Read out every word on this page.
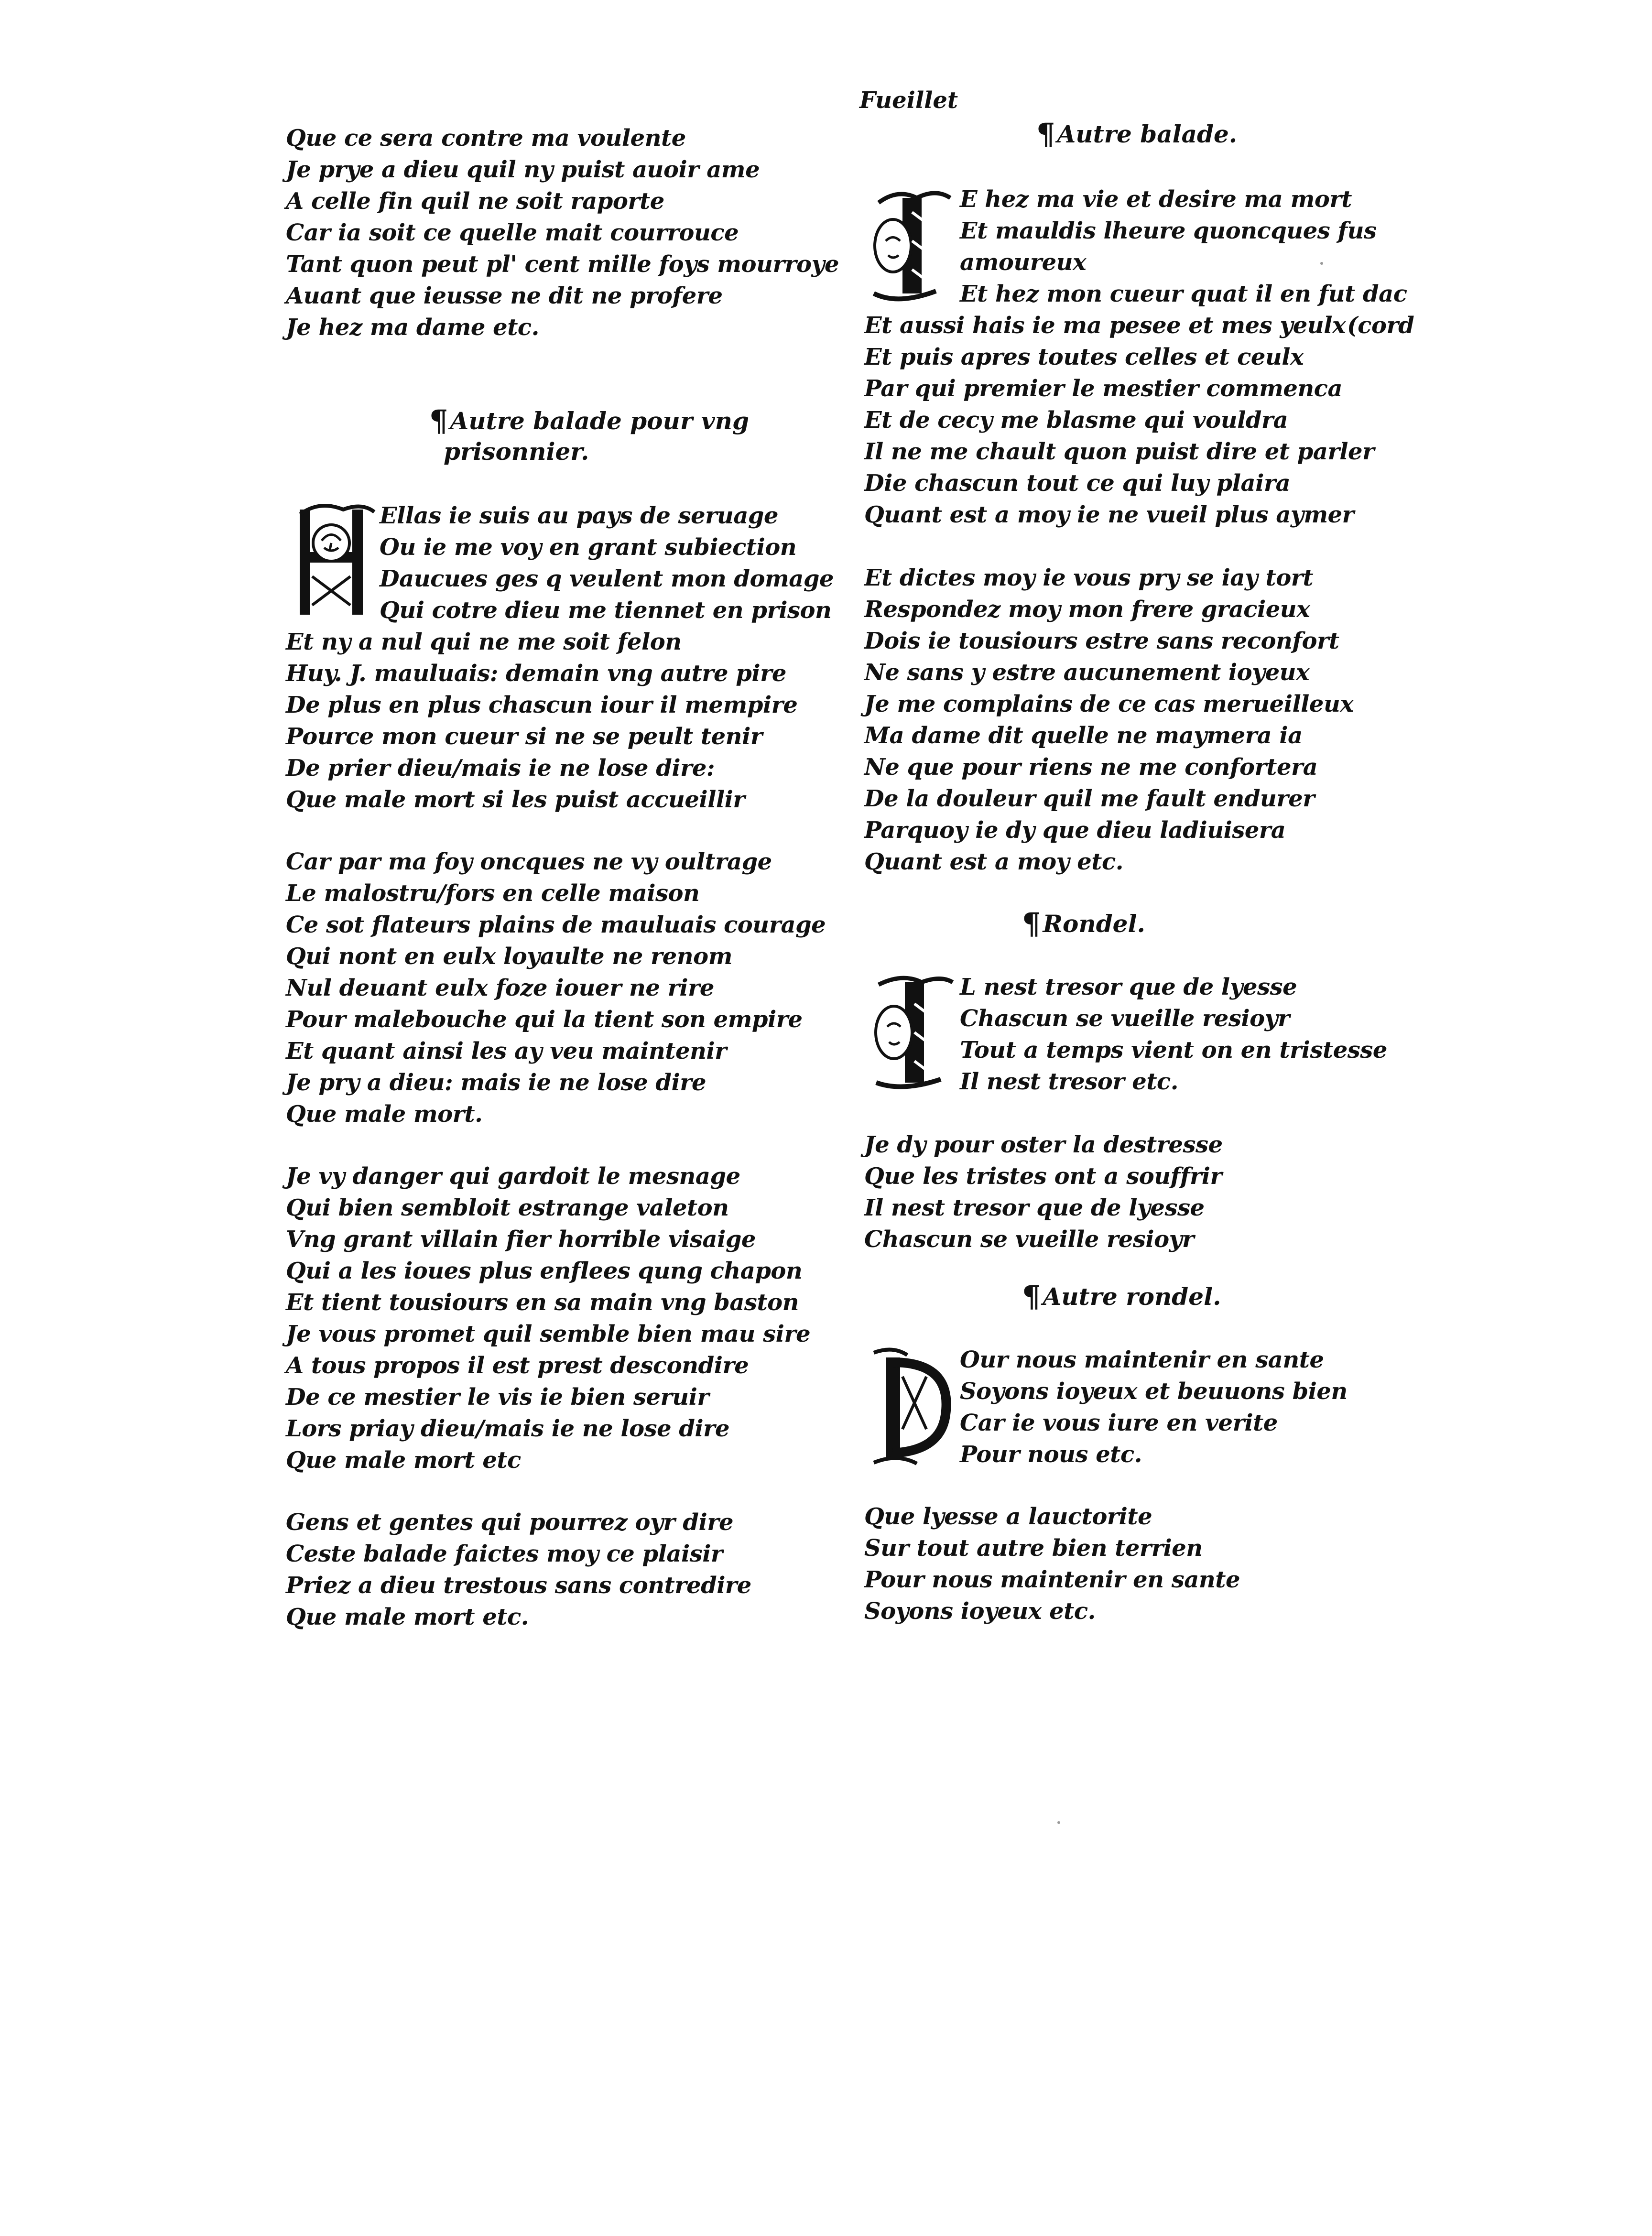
Fueillet
Que ce sera contre ma voulente
Je prye a dieu quil ny puist auoir ame
A celle fin quil ne soit raporte
Car ia soit ce quelle mait courrouce
Tant quon peut pl' cent mille foys mourroye
Auant que ieusse ne dit ne profere
Je hez ma dame etc.
¶Autre balade pour vng
prisonnier.
Ellas ie suis au pays de seruage
Ou ie me voy en grant subiection
Daucues ges q veulent mon domage
Qui cotre dieu me tiennet en prison
Et ny a nul qui ne me soit felon
Huy. J. mauluais: demain vng autre pire
De plus en plus chascun iour il mempire
Pource mon cueur si ne se peult tenir
De prier dieu/mais ie ne lose dire:
Que male mort si les puist accueillir
Car par ma foy oncques ne vy oultrage
Le malostru/fors en celle maison
Ce sot flateurs plains de mauluais courage
Qui nont en eulx loyaulte ne renom
Nul deuant eulx foze iouer ne rire
Pour malebouche qui la tient son empire
Et quant ainsi les ay veu maintenir
Je pry a dieu: mais ie ne lose dire
Que male mort.
Je vy danger qui gardoit le mesnage
Qui bien sembloit estrange valeton
Vng grant villain fier horrible visaige
Qui a les ioues plus enflees qung chapon
Et tient tousiours en sa main vng baston
Je vous promet quil semble bien mau sire
A tous propos il est prest descondire
De ce mestier le vis ie bien seruir
Lors priay dieu/mais ie ne lose dire
Que male mort etc
Gens et gentes qui pourrez oyr dire
Ceste balade faictes moy ce plaisir
Priez a dieu trestous sans contredire
Que male mort etc.
¶Autre balade.
E hez ma vie et desire ma mort
Et mauldis lheure quoncques fus
amoureux
Et hez mon cueur quat il en fut dac
Et aussi hais ie ma pesee et mes yeulx (cord
Et puis apres toutes celles et ceulx
Par qui premier le mestier commenca
Et de cecy me blasme qui vouldra
Il ne me chault quon puist dire et parler
Die chascun tout ce qui luy plaira
Quant est a moy ie ne vueil plus aymer
Et dictes moy ie vous pry se iay tort
Respondez moy mon frere gracieux
Dois ie tousiours estre sans reconfort
Ne sans y estre aucunement ioyeux
Je me complains de ce cas merueilleux
Ma dame dit quelle ne maymera ia
Ne que pour riens ne me confortera
De la douleur quil me fault endurer
Parquoy ie dy que dieu ladiuisera
Quant est a moy etc.
¶Rondel.
L nest tresor que de lyesse
Chascun se vueille resioyr
Tout a temps vient on en tristesse
Il nest tresor etc.
Je dy pour oster la destresse
Que les tristes ont a souffrir
Il nest tresor que de lyesse
Chascun se vueille resioyr
¶Autre rondel.
Our nous maintenir en sante
Soyons ioyeux et beuuons bien
Car ie vous iure en verite
Pour nous etc.
Que lyesse a lauctorite
Sur tout autre bien terrien
Pour nous maintenir en sante
Soyons ioyeux etc.
